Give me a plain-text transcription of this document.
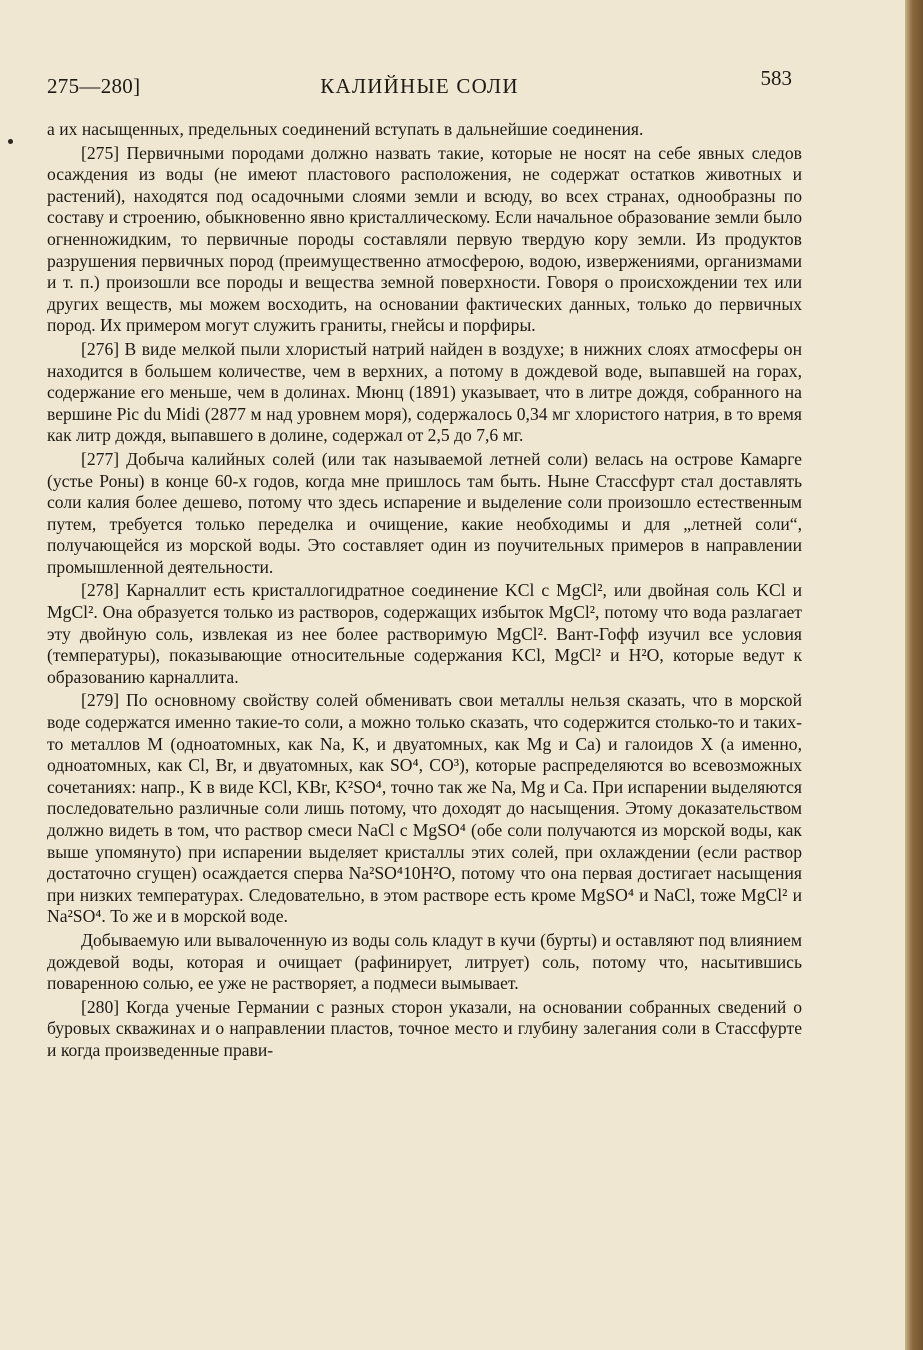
275—280]	КАЛИЙНЫЕ СОЛИ	583

а их насыщенных, предельных соединений вступать в дальнейшие соединения.

[275] Первичными породами должно назвать такие, которые не носят на себе явных следов осаждения из воды (не имеют пластового расположения, не содержат остатков животных и растений), находятся под осадочными слоями земли и всюду, во всех странах, однообразны по составу и строению, обыкновенно явно кристаллическому. Если начальное образование земли было огненножидким, то первичные породы составляли первую твердую кору земли. Из продуктов разрушения первичных пород (преимущественно атмосферою, водою, извержениями, организмами и т. п.) произошли все породы и вещества земной поверхности. Говоря о происхождении тех или других веществ, мы можем восходить, на основании фактических данных, только до первичных пород. Их примером могут служить граниты, гнейсы и порфиры.

[276] В виде мелкой пыли хлористый натрий найден в воздухе; в нижних слоях атмосферы он находится в большем количестве, чем в верхних, а потому в дождевой воде, выпавшей на горах, содержание его меньше, чем в долинах. Мюнц (1891) указывает, что в литре дождя, собранного на вершине Pic du Midi (2877 м над уровнем моря), содержалось 0,34 мг хлористого натрия, в то время как литр дождя, выпавшего в долине, содержал от 2,5 до 7,6 мг.

[277] Добыча калийных солей (или так называемой летней соли) велась на острове Камарге (устье Роны) в конце 60-х годов, когда мне пришлось там быть. Ныне Стассфурт стал доставлять соли калия более дешево, потому что здесь испарение и выделение соли произошло естественным путем, требуется только переделка и очищение, какие необходимы и для „летней соли“, получающейся из морской воды. Это составляет один из поучительных примеров в направлении промышленной деятельности.

[278] Карналлит есть кристаллогидратное соединение KCl с MgCl², или двойная соль KCl и MgCl². Она образуется только из растворов, содержащих избыток MgCl², потому что вода разлагает эту двойную соль, извлекая из нее более растворимую MgCl². Вант-Гофф изучил все условия (температуры), показывающие относительные содержания KCl, MgCl² и H²O, которые ведут к образованию карналлита.

[279] По основному свойству солей обменивать свои металлы нельзя сказать, что в морской воде содержатся именно такие-то соли, а можно только сказать, что содержится столько-то и таких-то металлов M (одноатомных, как Na, K, и двуатомных, как Mg и Ca) и галоидов X (а именно, одноатомных, как Cl, Br, и двуатомных, как SO⁴, CO³), которые распределяются во всевозможных сочетаниях: напр., K в виде KCl, KBr, K²SO⁴, точно так же Na, Mg и Ca. При испарении выделяются последовательно различные соли лишь потому, что доходят до насыщения. Этому доказательством должно видеть в том, что раствор смеси NaCl с MgSO⁴ (обе соли получаются из морской воды, как выше упомянуто) при испарении выделяет кристаллы этих солей, при охлаждении (если раствор достаточно сгущен) осаждается сперва Na²SO⁴10H²O, потому что она первая достигает насыщения при низких температурах. Следовательно, в этом растворе есть кроме MgSO⁴ и NaCl, тоже MgCl² и Na²SO⁴. То же и в морской воде.

Добываемую или вывалоченную из воды соль кладут в кучи (бурты) и оставляют под влиянием дождевой воды, которая и очищает (рафинирует, литрует) соль, потому что, насытившись поваренною солью, ее уже не растворяет, а подмеси вымывает.

[280] Когда ученые Германии с разных сторон указали, на основании собранных сведений о буровых скважинах и о направлении пластов, точное место и глубину залегания соли в Стассфурте и когда произведенные прави-
